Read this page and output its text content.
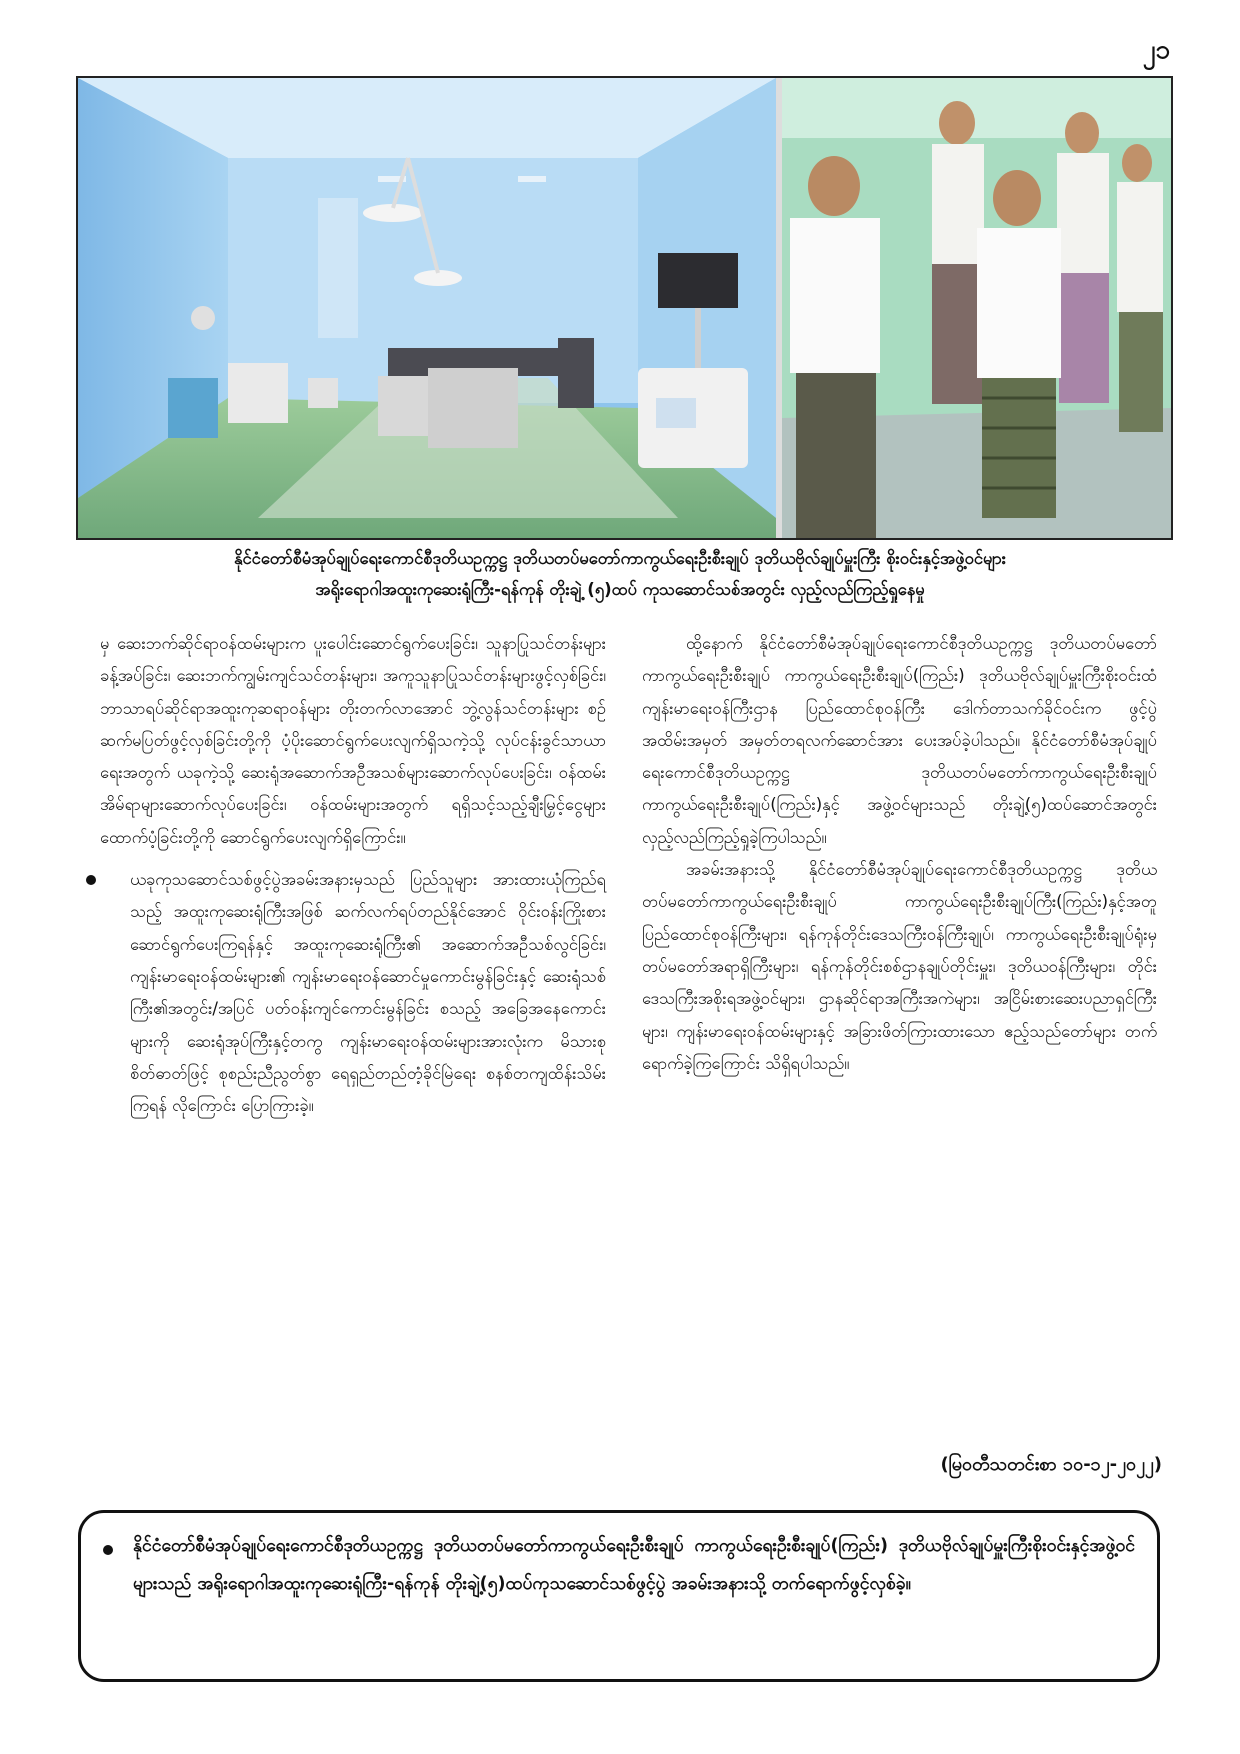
၂၁
နိုင်ငံတော်စီမံအုပ်ချုပ်ရေးကောင်စီဒုတိယဥက္ကဋ္ဌ ဒုတိယတပ်မတော်ကာကွယ်ရေးဦးစီးချုပ် ဒုတိယဗိုလ်ချုပ်မှူးကြီး စိုးဝင်းနှင့်အဖွဲ့ဝင်များ
အရိုးရောဂါအထူးကုဆေးရုံကြီး-ရန်ကုန် တိုးချဲ့ (၅)ထပ် ကုသဆောင်သစ်အတွင်း လှည့်လည်ကြည့်ရှုနေမှု

မှ ဆေးဘက်ဆိုင်ရာဝန်ထမ်းများက ပူးပေါင်းဆောင်ရွက်ပေးခြင်း၊ သူနာပြုသင်တန်းများခန့်အပ်ခြင်း၊ ဆေးဘက်ကျွမ်းကျင်သင်တန်းများ၊ အကူသူနာပြုသင်တန်းများဖွင့်လှစ်ခြင်း၊ ဘာသာရပ်ဆိုင်ရာအထူးကုဆရာဝန်များ တိုးတက်လာအောင် ဘွဲ့လွန်သင်တန်းများ စဉ်ဆက်မပြတ်ဖွင့်လှစ်ခြင်းတို့ကို ပံ့ပိုးဆောင်ရွက်ပေးလျက်ရှိသကဲ့သို့ လုပ်ငန်းခွင်သာယာရေးအတွက် ယခုကဲ့သို့ ဆေးရုံအဆောက်အဦအသစ်များဆောက်လုပ်ပေးခြင်း၊ ဝန်ထမ်းအိမ်ရာများဆောက်လုပ်ပေးခြင်း၊ ဝန်ထမ်းများအတွက် ရရှိသင့်သည့်ချီးမြှင့်ငွေများထောက်ပံ့ခြင်းတို့ကို ဆောင်ရွက်ပေးလျက်ရှိကြောင်း။

ယခုကုသဆောင်သစ်ဖွင့်ပွဲအခမ်းအနားမှသည် ပြည်သူများ အားထားယုံကြည်ရသည့် အထူးကုဆေးရုံကြီးအဖြစ် ဆက်လက်ရပ်တည်နိုင်အောင် ဝိုင်းဝန်းကြိုးစားဆောင်ရွက်ပေးကြရန်နှင့် အထူးကုဆေးရုံကြီး၏ အဆောက်အဦသစ်လွင်ခြင်း၊ ကျန်းမာရေးဝန်ထမ်းများ၏ ကျန်းမာရေးဝန်ဆောင်မှုကောင်းမွန်ခြင်းနှင့် ဆေးရုံသစ်ကြီး၏အတွင်း/အပြင် ပတ်ဝန်းကျင်ကောင်းမွန်ခြင်း စသည့် အခြေအနေကောင်းများကို ဆေးရုံအုပ်ကြီးနှင့်တကွ ကျန်းမာရေးဝန်ထမ်းများအားလုံးက မိသားစုစိတ်ဓာတ်ဖြင့် စုစည်းညီညွတ်စွာ ရေရှည်တည်တံ့ခိုင်မြဲရေး စနစ်တကျထိန်းသိမ်းကြရန် လိုကြောင်း ပြောကြားခဲ့။

ထို့နောက် နိုင်ငံတော်စီမံအုပ်ချုပ်ရေးကောင်စီဒုတိယဥက္ကဋ္ဌ ဒုတိယတပ်မတော်ကာကွယ်ရေးဦးစီးချုပ် ကာကွယ်ရေးဦးစီးချုပ်(ကြည်း) ဒုတိယဗိုလ်ချုပ်မှူးကြီးစိုးဝင်းထံ ကျန်းမာရေးဝန်ကြီးဌာန ပြည်ထောင်စုဝန်ကြီး ဒေါက်တာသက်ခိုင်ဝင်းက ဖွင့်ပွဲအထိမ်းအမှတ် အမှတ်တရလက်ဆောင်အား ပေးအပ်ခဲ့ပါသည်။ နိုင်ငံတော်စီမံအုပ်ချုပ်ရေးကောင်စီဒုတိယဥက္ကဋ္ဌ ဒုတိယတပ်မတော်ကာကွယ်ရေးဦးစီးချုပ် ကာကွယ်ရေးဦးစီးချုပ်(ကြည်း)နှင့် အဖွဲ့ဝင်များသည် တိုးချဲ့(၅)ထပ်ဆောင်အတွင်း လှည့်လည်ကြည့်ရှုခဲ့ကြပါသည်။

အခမ်းအနားသို့ နိုင်ငံတော်စီမံအုပ်ချုပ်ရေးကောင်စီဒုတိယဥက္ကဋ္ဌ ဒုတိယတပ်မတော်ကာကွယ်ရေးဦးစီးချုပ် ကာကွယ်ရေးဦးစီးချုပ်ကြီး(ကြည်း)နှင့်အတူ ပြည်ထောင်စုဝန်ကြီးများ၊ ရန်ကုန်တိုင်းဒေသကြီးဝန်ကြီးချုပ်၊ ကာကွယ်ရေးဦးစီးချုပ်ရုံးမှ တပ်မတော်အရာရှိကြီးများ၊ ရန်ကုန်တိုင်းစစ်ဌာနချုပ်တိုင်းမှူး၊ ဒုတိယဝန်ကြီးများ၊ တိုင်းဒေသကြီးအစိုးရအဖွဲ့ဝင်များ၊ ဌာနဆိုင်ရာအကြီးအကဲများ၊ အငြိမ်းစားဆေးပညာရှင်ကြီးများ၊ ကျန်းမာရေးဝန်ထမ်းများနှင့် အခြားဖိတ်ကြားထားသော ဧည့်သည်တော်များ တက်ရောက်ခဲ့ကြကြောင်း သိရှိရပါသည်။

(မြဝတီသတင်းစာ ၁၀-၁၂-၂၀၂၂)
နိုင်ငံတော်စီမံအုပ်ချုပ်ရေးကောင်စီဒုတိယဥက္ကဋ္ဌ ဒုတိယတပ်မတော်ကာကွယ်ရေးဦးစီးချုပ် ကာကွယ်ရေးဦးစီးချုပ်(ကြည်း) ဒုတိယဗိုလ်ချုပ်မှူးကြီးစိုးဝင်းနှင့်အဖွဲ့ဝင်များသည် အရိုးရောဂါအထူးကုဆေးရုံကြီး-ရန်ကုန် တိုးချဲ့(၅)ထပ်ကုသဆောင်သစ်ဖွင့်ပွဲ အခမ်းအနားသို့ တက်ရောက်ဖွင့်လှစ်ခဲ့။
